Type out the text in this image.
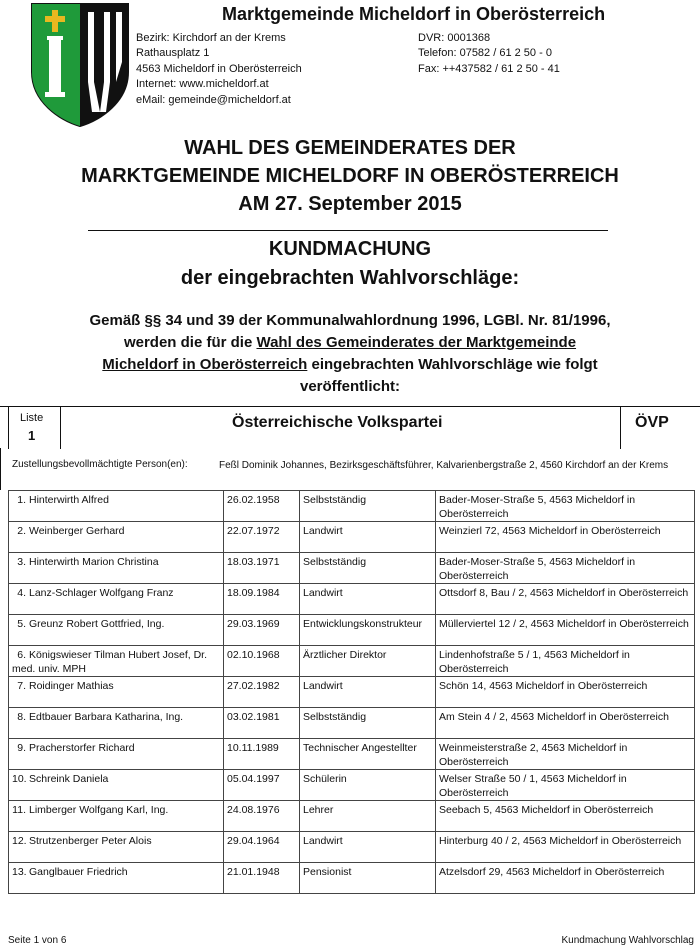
Marktgemeinde Micheldorf in Oberösterreich
Bezirk: Kirchdorf an der Krems
Rathausplatz 1
4563 Micheldorf in Oberösterreich
Internet: www.micheldorf.at
eMail: gemeinde@micheldorf.at
DVR: 0001368
Telefon: 07582 / 61 2 50 - 0
Fax: ++437582 / 61 2 50 - 41
WAHL DES GEMEINDERATES DER
MARKTGEMEINDE MICHELDORF IN OBERÖSTERREICH
AM 27. September 2015
KUNDMACHUNG
der eingebrachten Wahlvorschläge:
Gemäß §§ 34 und 39 der Kommunalwahlordnung 1996, LGBl. Nr. 81/1996,
werden die für die Wahl des Gemeinderates der Marktgemeinde
Micheldorf in Oberösterreich eingebrachten Wahlvorschläge wie folgt
veröffentlicht:
Liste
1
Österreichische Volkspartei	ÖVP
Zustellungsbevollmächtigte Person(en):	Feßl Dominik Johannes, Bezirksgeschäftsführer, Kalvarienbergstraße 2, 4560 Kirchdorf an der Krems
1. Hinterwirth Alfred	26.02.1958	Selbstständig	Bader-Moser-Straße 5, 4563 Micheldorf in Oberösterreich
2. Weinberger Gerhard	22.07.1972	Landwirt	Weinzierl 72, 4563 Micheldorf in Oberösterreich
3. Hinterwirth Marion Christina	18.03.1971	Selbstständig	Bader-Moser-Straße 5, 4563 Micheldorf in Oberösterreich
4. Lanz-Schlager Wolfgang Franz	18.09.1984	Landwirt	Ottsdorf 8, Bau / 2, 4563 Micheldorf in Oberösterreich
5. Greunz Robert Gottfried, Ing.	29.03.1969	Entwicklungskonstrukteur	Müllerviertel 12 / 2, 4563 Micheldorf in Oberösterreich
6. Königswieser Tilman Hubert Josef, Dr. med. univ. MPH	02.10.1968	Ärztlicher Direktor	Lindenhofstraße 5 / 1, 4563 Micheldorf in Oberösterreich
7. Roidinger Mathias	27.02.1982	Landwirt	Schön 14, 4563 Micheldorf in Oberösterreich
8. Edtbauer Barbara Katharina, Ing.	03.02.1981	Selbstständig	Am Stein 4 / 2, 4563 Micheldorf in Oberösterreich
9. Pracherstorfer Richard	10.11.1989	Technischer Angestellter	Weinmeisterstraße 2, 4563 Micheldorf in Oberösterreich
10. Schreink Daniela	05.04.1997	Schülerin	Welser Straße 50 / 1, 4563 Micheldorf in Oberösterreich
11. Limberger Wolfgang Karl, Ing.	24.08.1976	Lehrer	Seebach 5, 4563 Micheldorf in Oberösterreich
12. Strutzenberger Peter Alois	29.04.1964	Landwirt	Hinterburg 40 / 2, 4563 Micheldorf in Oberösterreich
13. Ganglbauer Friedrich	21.01.1948	Pensionist	Atzelsdorf 29, 4563 Micheldorf in Oberösterreich
Seite 1 von 6	Kundmachung Wahlvorschlag
